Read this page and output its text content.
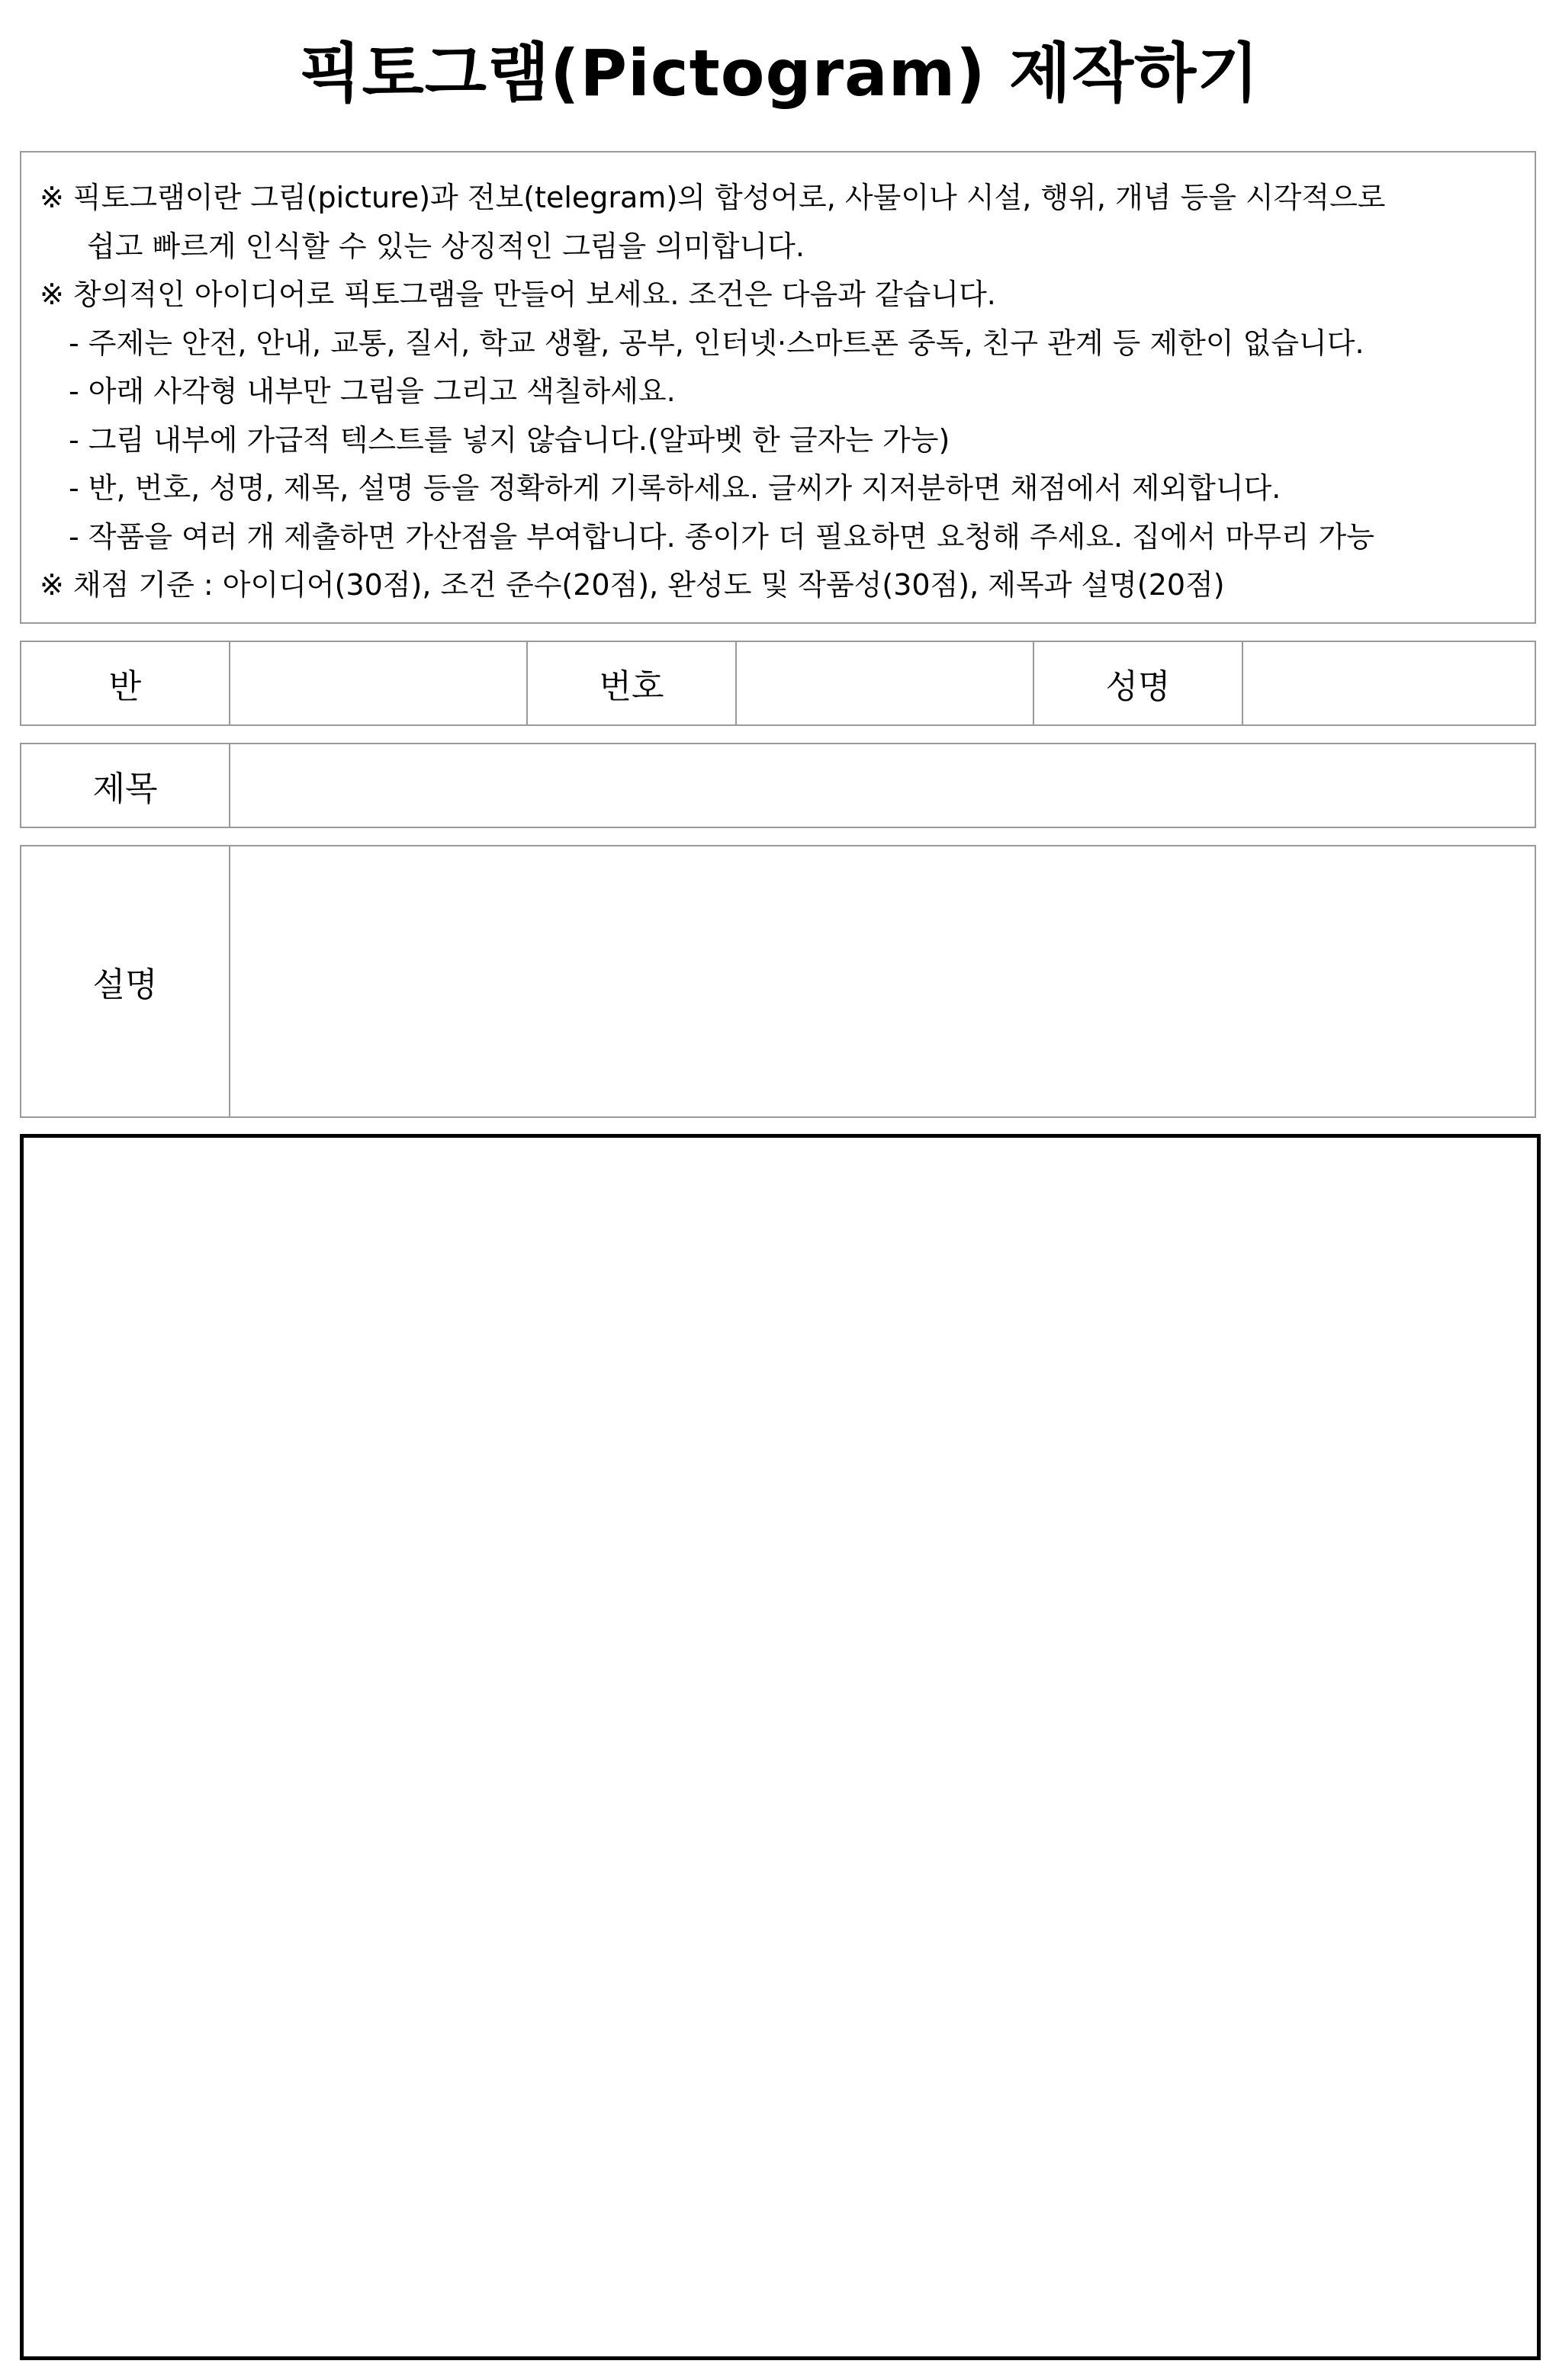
픽토그램(Pictogram) 제작하기
※ 픽토그램이란 그림(picture)과 전보(telegram)의 합성어로, 사물이나 시설, 행위, 개념 등을 시각적으로
쉽고 빠르게 인식할 수 있는 상징적인 그림을 의미합니다.
※ 창의적인 아이디어로 픽토그램을 만들어 보세요. 조건은 다음과 같습니다.
- 주제는 안전, 안내, 교통, 질서, 학교 생활, 공부, 인터넷·스마트폰 중독, 친구 관계 등 제한이 없습니다.
- 아래 사각형 내부만 그림을 그리고 색칠하세요.
- 그림 내부에 가급적 텍스트를 넣지 않습니다.(알파벳 한 글자는 가능)
- 반, 번호, 성명, 제목, 설명 등을 정확하게 기록하세요. 글씨가 지저분하면 채점에서 제외합니다.
- 작품을 여러 개 제출하면 가산점을 부여합니다. 종이가 더 필요하면 요청해 주세요. 집에서 마무리 가능
※ 채점 기준 : 아이디어(30점), 조건 준수(20점), 완성도 및 작품성(30점), 제목과 설명(20점)
반	번호	성명
제목
설명
